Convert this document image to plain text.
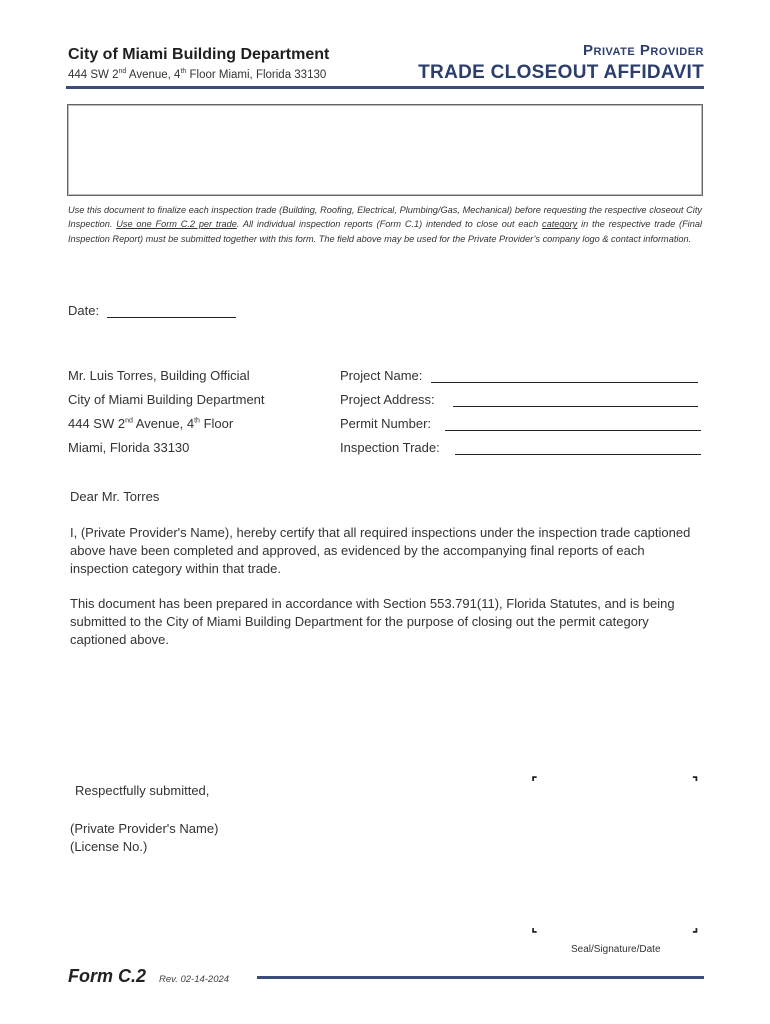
City of Miami Building Department
444 SW 2nd Avenue, 4th Floor Miami, Florida 33130
Private Provider
TRADE CLOSEOUT AFFIDAVIT
Use this document to finalize each inspection trade (Building, Roofing, Electrical, Plumbing/Gas, Mechanical) before requesting the respective closeout City Inspection. Use one Form C.2 per trade. All individual inspection reports (Form C.1) intended to close out each category in the respective trade (Final Inspection Report) must be submitted together with this form. The field above may be used for the Private Provider’s company logo & contact information.
Date:
Mr. Luis Torres, Building Official
City of Miami Building Department
444 SW 2nd Avenue, 4th Floor
Miami, Florida 33130
Project Name:
Project Address:
Permit Number:
Inspection Trade:
Dear Mr. Torres
I, (Private Provider's Name), hereby certify that all required inspections under the inspection trade captioned above have been completed and approved, as evidenced by the accompanying final reports of each inspection category within that trade.
This document has been prepared in accordance with Section 553.791(11), Florida Statutes, and is being submitted to the City of Miami Building Department for the purpose of closing out the permit category captioned above.
Respectfully submitted,
(Private Provider's Name)
(License No.)
⌜	⌝
⌞	⌟
Seal/Signature/Date
Form C.2 Rev. 02-14-2024
